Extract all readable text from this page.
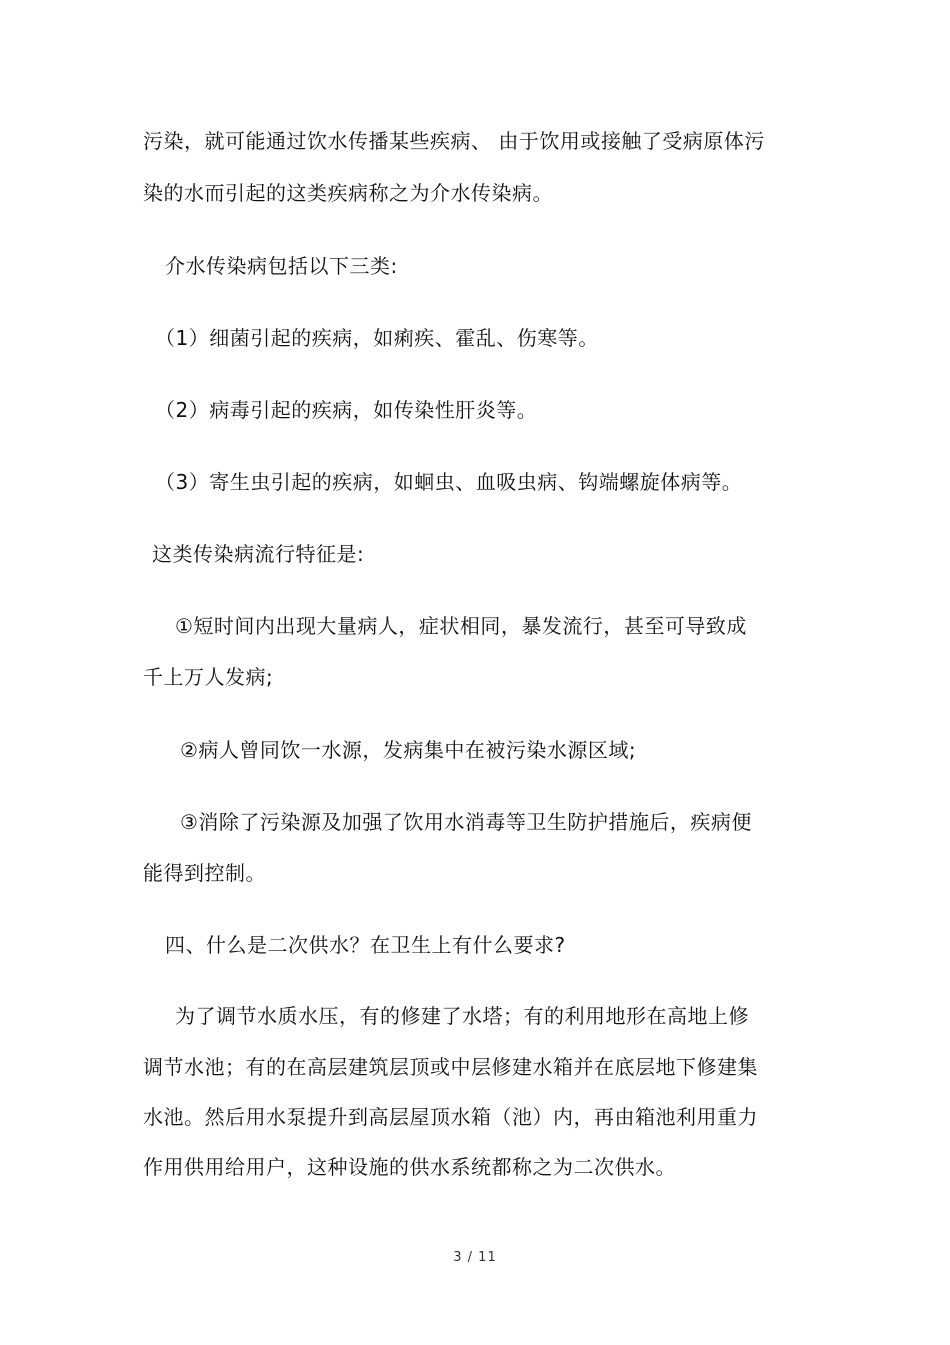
污染，就可能通过饮水传播某些疾病、 由于饮用或接触了受病原体污
染的水而引起的这类疾病称之为介水传染病。
介水传染病包括以下三类:
（1）细菌引起的疾病，如痢疾、霍乱、伤寒等。
（2）病毒引起的疾病，如传染性肝炎等。
（3）寄生虫引起的疾病，如蛔虫、血吸虫病、钩端螺旋体病等。
这类传染病流行特征是:
①短时间内出现大量病人，症状相同，暴发流行，甚至可导致成
千上万人发病;
②病人曾同饮一水源，发病集中在被污染水源区域;
③消除了污染源及加强了饮用水消毒等卫生防护措施后，疾病便
能得到控制。
四、什么是二次供水？在卫生上有什么要求?
为了调节水质水压，有的修建了水塔；有的利用地形在高地上修
调节水池；有的在高层建筑层顶或中层修建水箱并在底层地下修建集
水池。然后用水泵提升到高层屋顶水箱（池）内，再由箱池利用重力
作用供用给用户，这种设施的供水系统都称之为二次供水。
3 / 11
